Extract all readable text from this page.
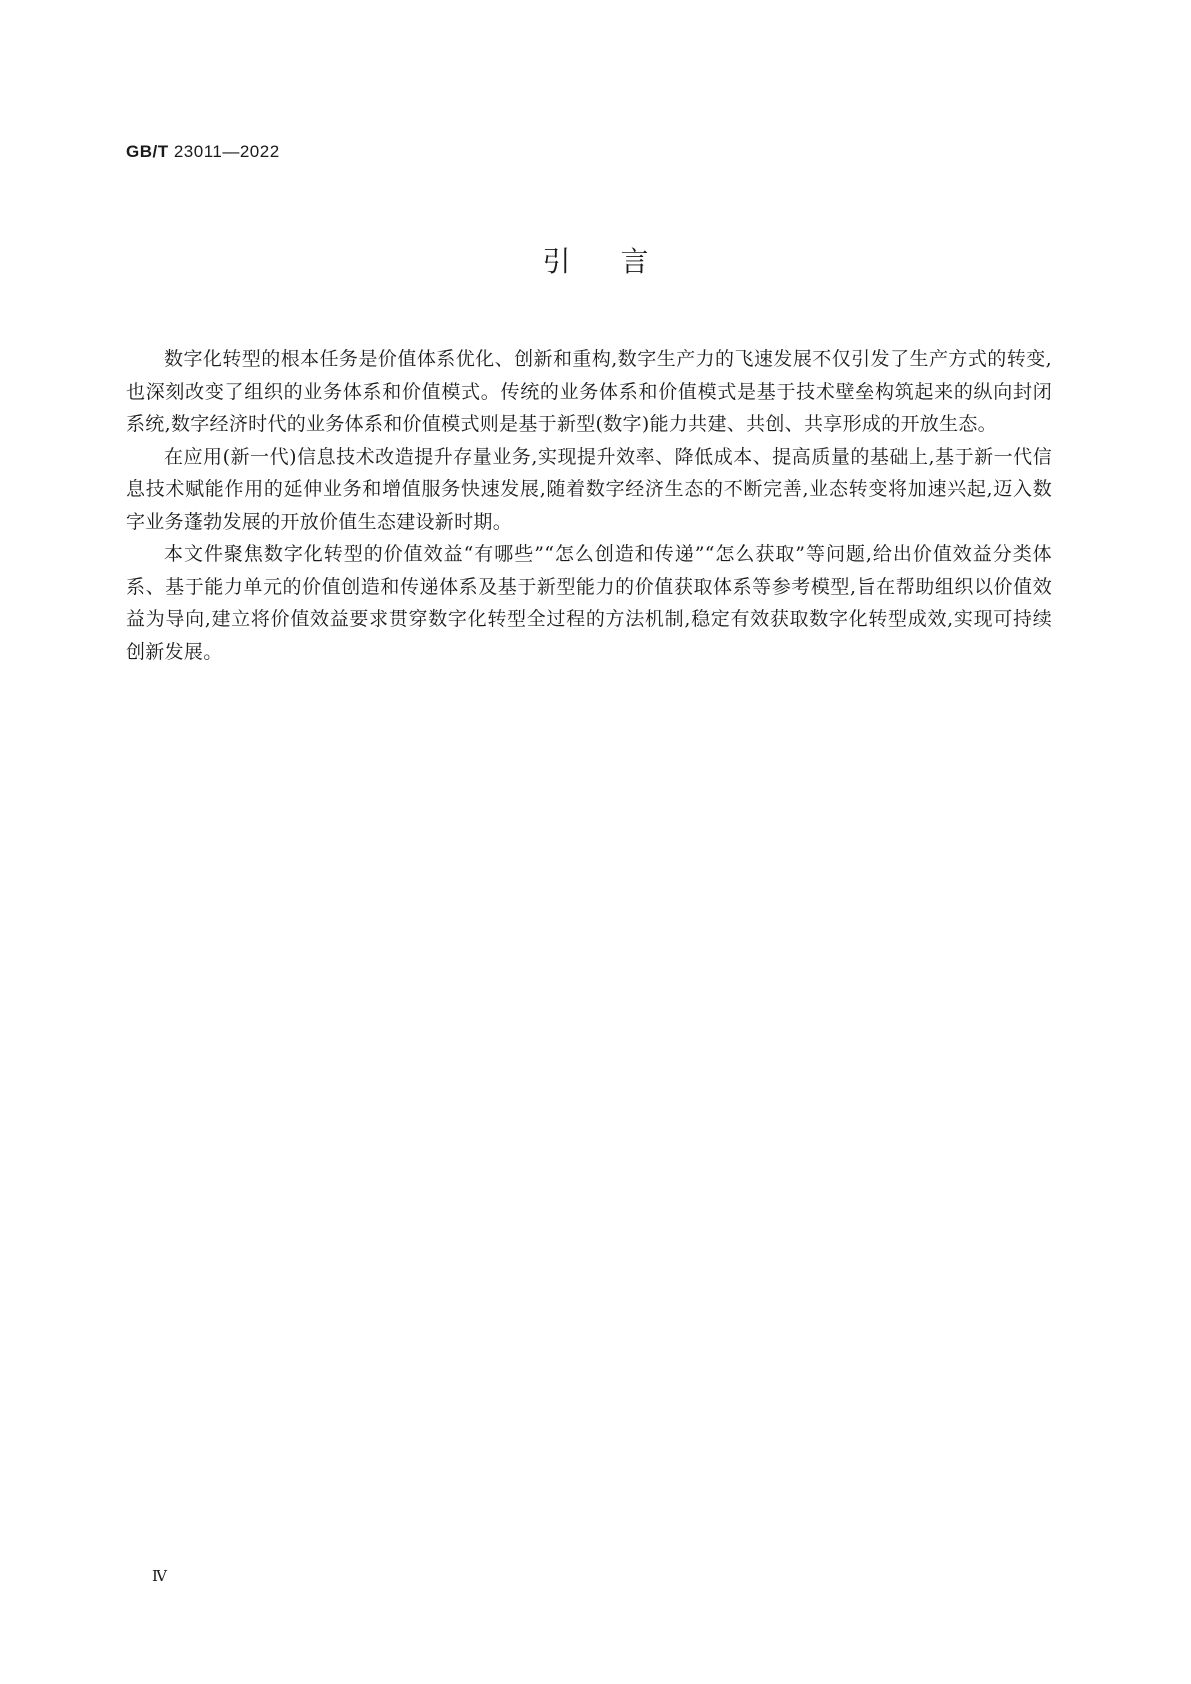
GB/T 23011—2022
引言

数字化转型的根本任务是价值体系优化、创新和重构,数字生产力的飞速发展不仅引发了生产方式的转变,也深刻改变了组织的业务体系和价值模式。传统的业务体系和价值模式是基于技术壁垒构筑起来的纵向封闭系统,数字经济时代的业务体系和价值模式则是基于新型(数字)能力共建、共创、共享形成的开放生态。

在应用(新一代)信息技术改造提升存量业务,实现提升效率、降低成本、提高质量的基础上,基于新一代信息技术赋能作用的延伸业务和增值服务快速发展,随着数字经济生态的不断完善,业态转变将加速兴起,迈入数字业务蓬勃发展的开放价值生态建设新时期。

本文件聚焦数字化转型的价值效益“有哪些”“怎么创造和传递”“怎么获取”等问题,给出价值效益分类体系、基于能力单元的价值创造和传递体系及基于新型能力的价值获取体系等参考模型,旨在帮助组织以价值效益为导向,建立将价值效益要求贯穿数字化转型全过程的方法机制,稳定有效获取数字化转型成效,实现可持续创新发展。

Ⅳ
